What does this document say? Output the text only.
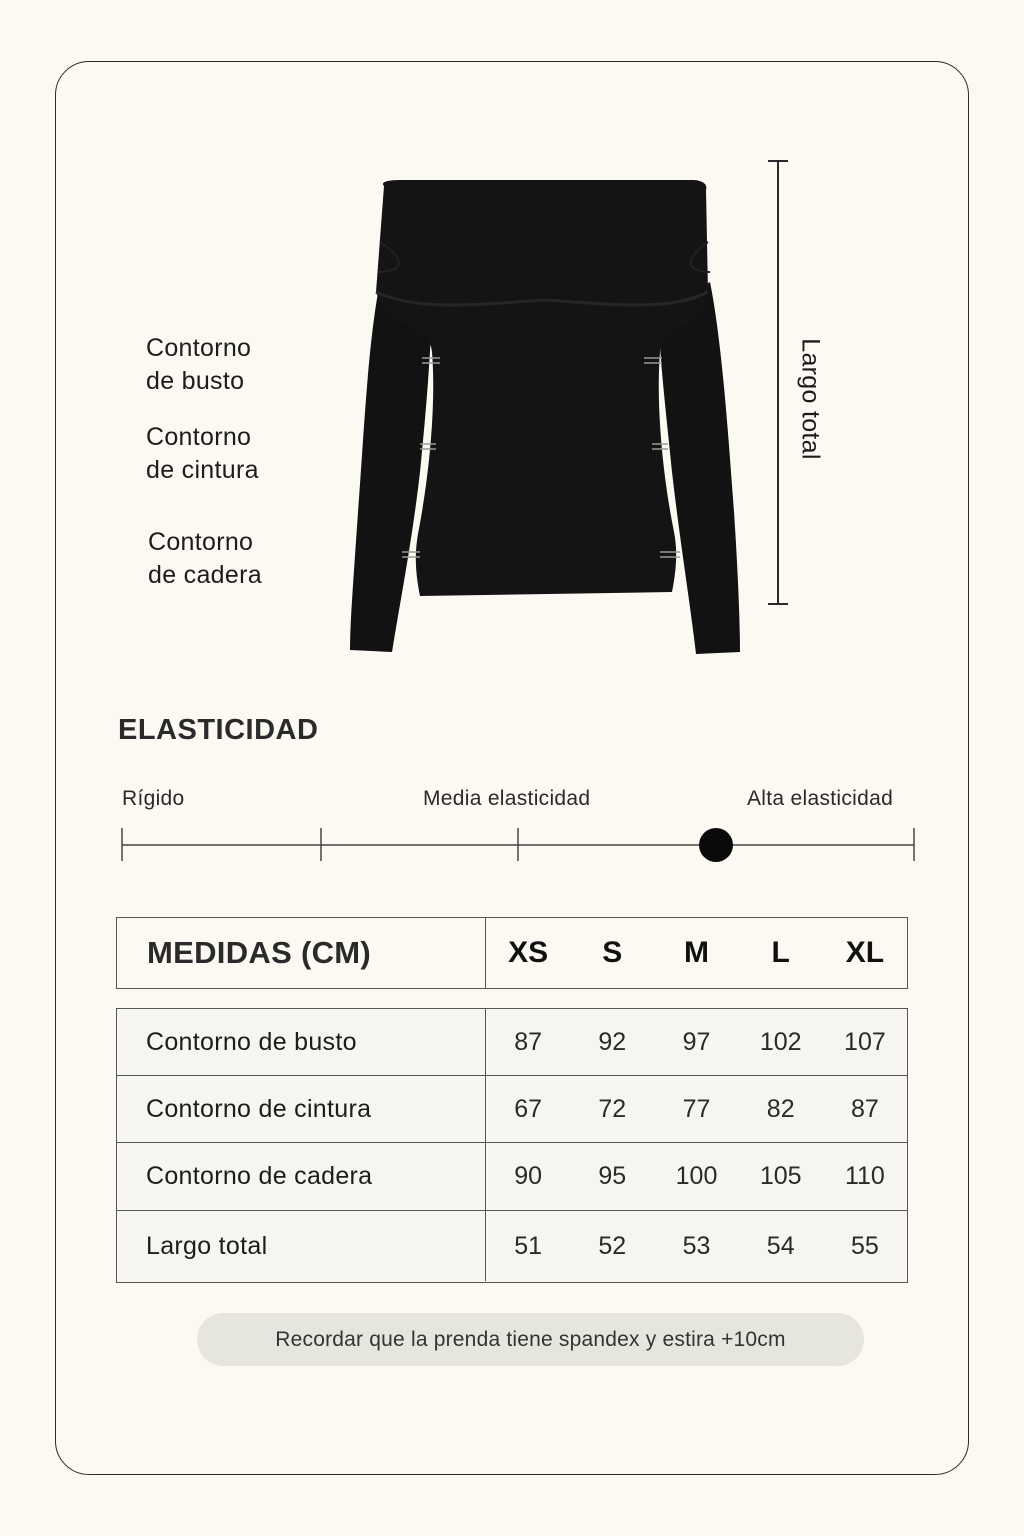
Contorno
de busto
Contorno
de cintura
Contorno
de cadera
Largo total
ELASTICIDAD
Rígido	Media elasticidad	Alta elasticidad
MEDIDAS (CM)	XS	S	M	L	XL
Contorno de busto	87	92	97	102	107
Contorno de cintura	67	72	77	82	87
Contorno de cadera	90	95	100	105	110
Largo total	51	52	53	54	55
Recordar que la prenda tiene spandex y estira +10cm
